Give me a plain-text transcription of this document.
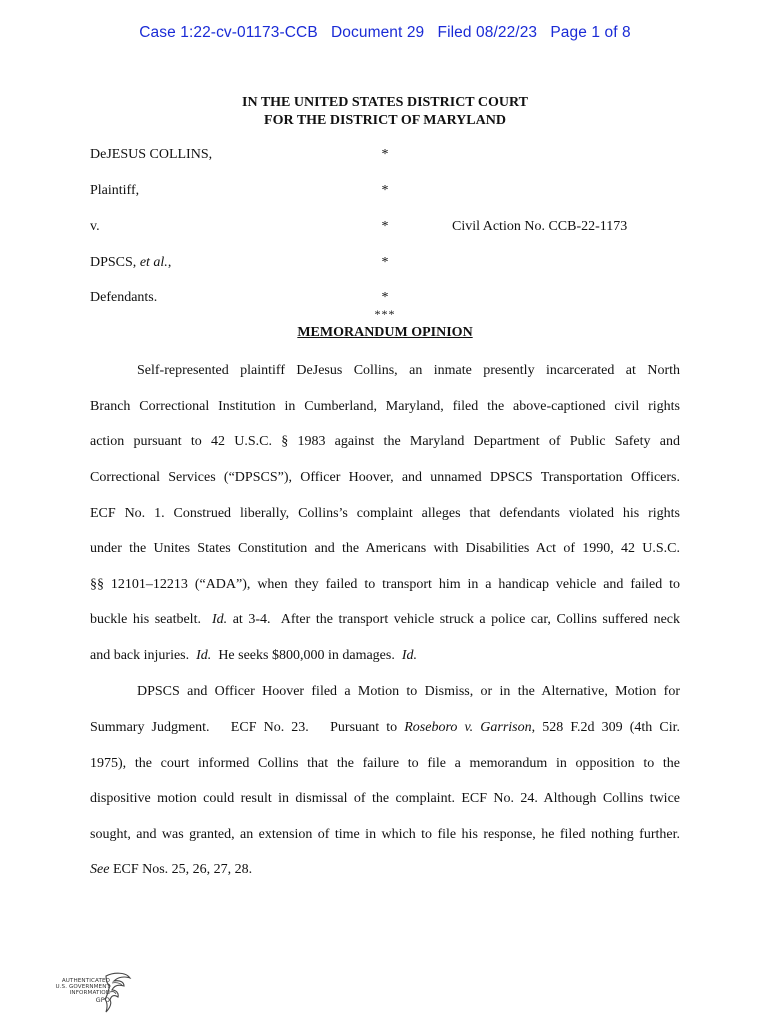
Case 1:22-cv-01173-CCB   Document 29   Filed 08/22/23   Page 1 of 8
IN THE UNITED STATES DISTRICT COURT
FOR THE DISTRICT OF MARYLAND
DeJESUS COLLINS,	*
Plaintiff,	*
v.	*	Civil Action No. CCB-22-1173
DPSCS, et al.,	*
Defendants.	*
***
MEMORANDUM OPINION
Self-represented plaintiff DeJesus Collins, an inmate presently incarcerated at North
Branch Correctional Institution in Cumberland, Maryland, filed the above-captioned civil rights
action pursuant to 42 U.S.C. § 1983 against the Maryland Department of Public Safety and
Correctional Services (“DPSCS”), Officer Hoover, and unnamed DPSCS Transportation Officers.
ECF No. 1. Construed liberally, Collins’s complaint alleges that defendants violated his rights
under the Unites States Constitution and the Americans with Disabilities Act of 1990, 42 U.S.C.
§§ 12101–12213 (“ADA”), when they failed to transport him in a handicap vehicle and failed to
buckle his seatbelt.  Id. at 3-4.  After the transport vehicle struck a police car, Collins suffered neck
and back injuries.  Id.  He seeks $800,000 in damages.  Id.
DPSCS and Officer Hoover filed a Motion to Dismiss, or in the Alternative, Motion for
Summary Judgment.   ECF No. 23.   Pursuant to Roseboro v. Garrison, 528 F.2d 309 (4th Cir.
1975), the court informed Collins that the failure to file a memorandum in opposition to the
dispositive motion could result in dismissal of the complaint. ECF No. 24. Although Collins twice
sought, and was granted, an extension of time in which to file his response, he filed nothing further.
See ECF Nos. 25, 26, 27, 28.
AUTHENTICATED
U.S. GOVERNMENT
INFORMATION
GPO
